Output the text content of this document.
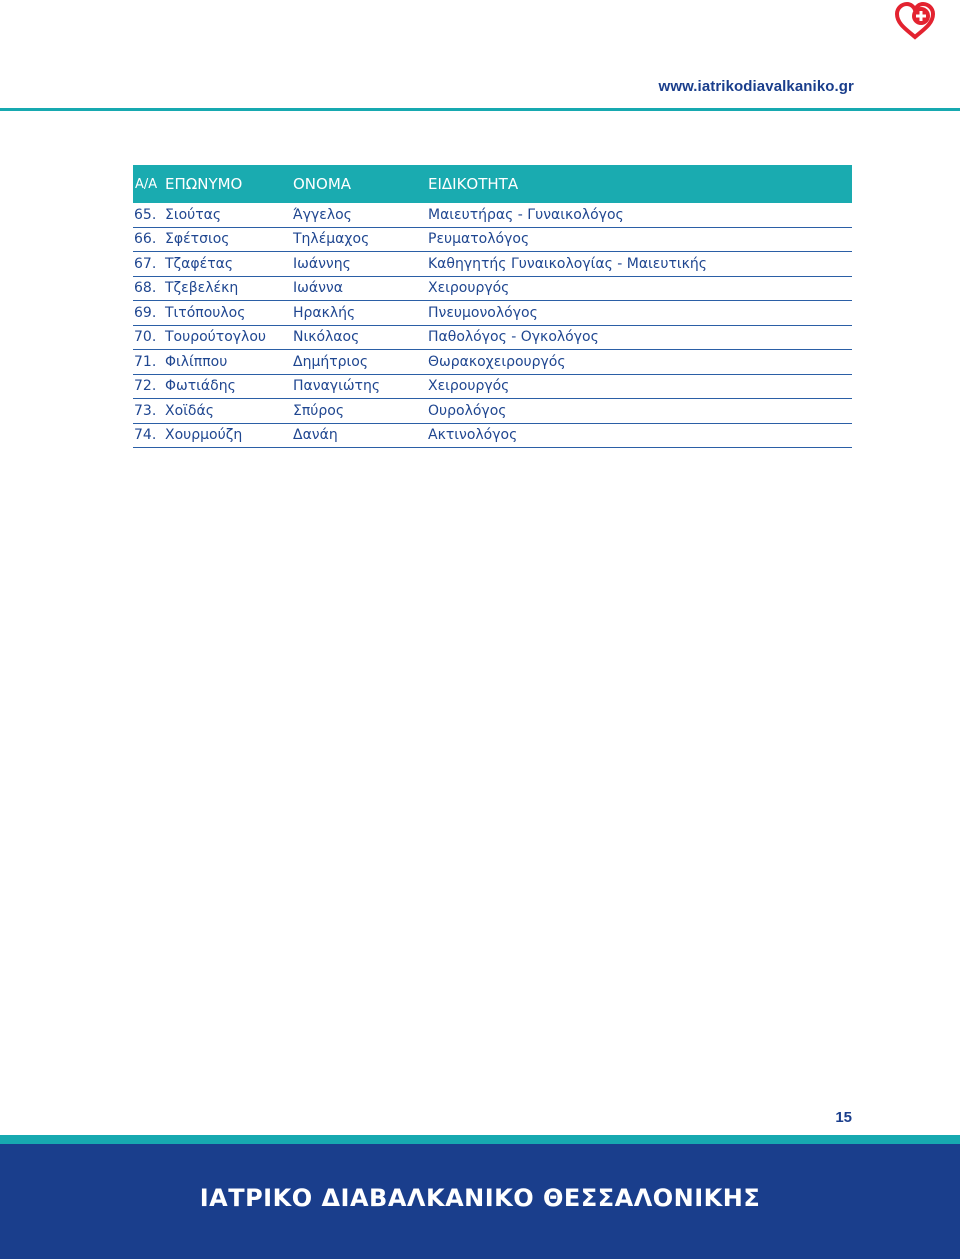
www.iatrikodiavalkaniko.gr
Α/Α	ΕΠΩΝΥΜΟ	ΟΝΟΜΑ	ΕΙΔΙΚΟΤΗΤΑ
65.	Σιούτας	Άγγελος	Μαιευτήρας - Γυναικολόγος
66.	Σφέτσιος	Τηλέμαχος	Ρευματολόγος
67.	Τζαφέτας	Ιωάννης	Καθηγητής Γυναικολογίας - Μαιευτικής
68.	Τζεβελέκη	Ιωάννα	Χειρουργός
69.	Τιτόπουλος	Ηρακλής	Πνευμονολόγος
70.	Τουρούτογλου	Νικόλαος	Παθολόγος - Ογκολόγος
71.	Φιλίππου	Δημήτριος	Θωρακοχειρουργός
72.	Φωτιάδης	Παναγιώτης	Χειρουργός
73.	Χοϊδάς	Σπύρος	Ουρολόγος
74.	Χουρμούζη	Δανάη	Ακτινολόγος
15
ΙΑΤΡΙΚΟ ΔΙΑΒΑΛΚΑΝΙΚΟ ΘΕΣΣΑΛΟΝΙΚΗΣ
